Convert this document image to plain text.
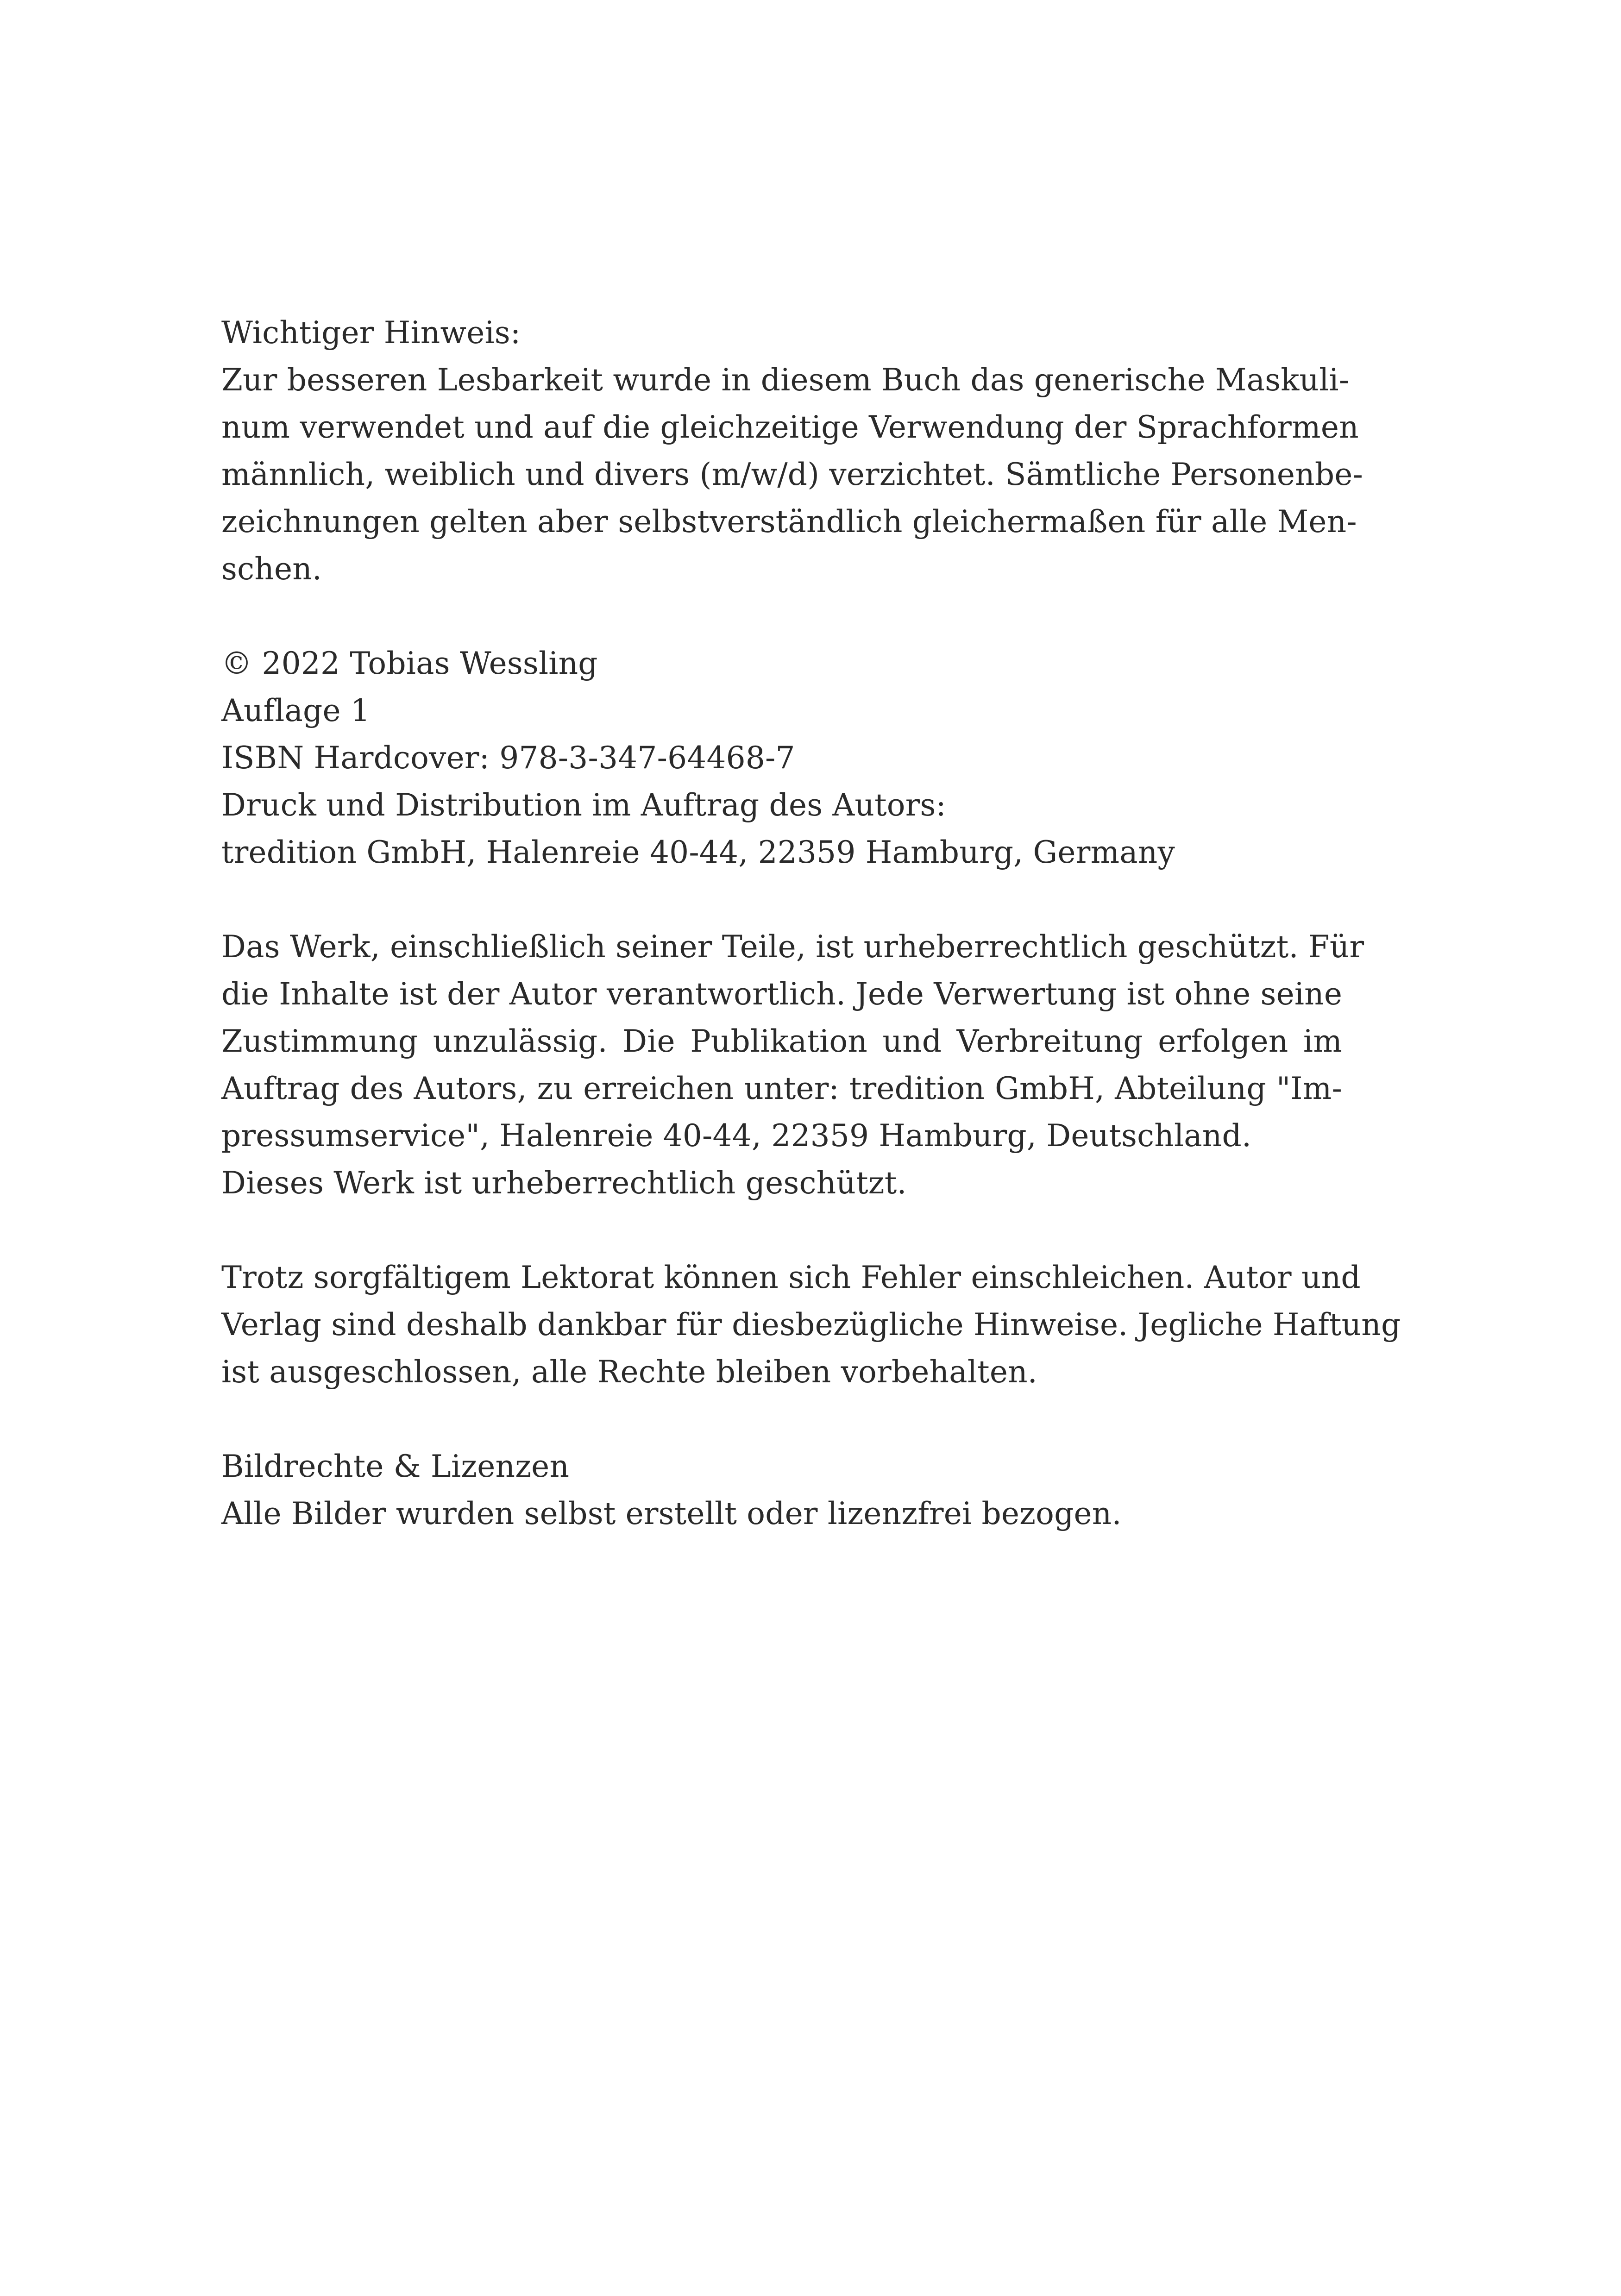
Wichtiger Hinweis:
Zur besseren Lesbarkeit wurde in diesem Buch das generische Maskuli-
num verwendet und auf die gleichzeitige Verwendung der Sprachformen
männlich, weiblich und divers (m/w/d) verzichtet. Sämtliche Personenbe-
zeichnungen gelten aber selbstverständlich gleichermaßen für alle Men-
schen.
© 2022 Tobias Wessling
Auflage 1
ISBN Hardcover: 978-3-347-64468-7
Druck und Distribution im Auftrag des Autors:
tredition GmbH, Halenreie 40-44, 22359 Hamburg, Germany
Das Werk, einschließlich seiner Teile, ist urheberrechtlich geschützt. Für
die Inhalte ist der Autor verantwortlich. Jede Verwertung ist ohne seine
Zustimmung unzulässig. Die Publikation und Verbreitung erfolgen im
Auftrag des Autors, zu erreichen unter: tredition GmbH, Abteilung "Im-
pressumservice", Halenreie 40-44, 22359 Hamburg, Deutschland.
Dieses Werk ist urheberrechtlich geschützt.
Trotz sorgfältigem Lektorat können sich Fehler einschleichen. Autor und
Verlag sind deshalb dankbar für diesbezügliche Hinweise. Jegliche Haftung
ist ausgeschlossen, alle Rechte bleiben vorbehalten.
Bildrechte & Lizenzen
Alle Bilder wurden selbst erstellt oder lizenzfrei bezogen.
